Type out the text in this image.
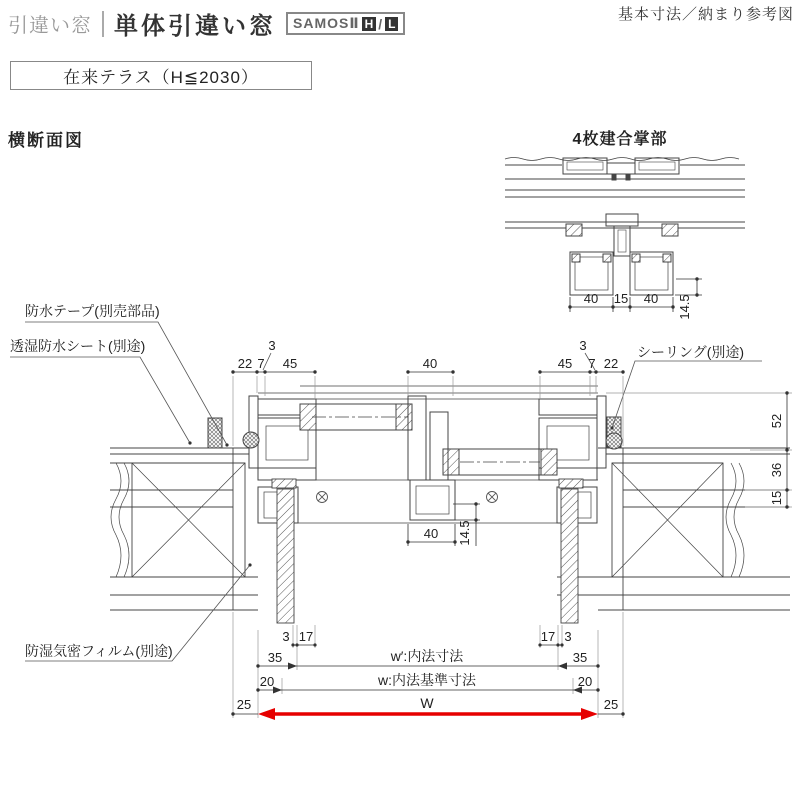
引違い窓 単体引違い窓 SAMOSⅡ H / L
基本寸法／納まり参考図
在来テラス（H≦2030）
横断面図	4枚建合掌部
40 15 40 14.5
防水テープ(別売部品)
透湿防水シート(別途)	シーリング(別途)
防湿気密フィルム(別途)
3
22 7 45	40	45 7 22
3
52
36
15
40 14.5
3 17	17 3
35	35
w′:内法寸法
20	20
w:内法基準寸法
25	25
W
